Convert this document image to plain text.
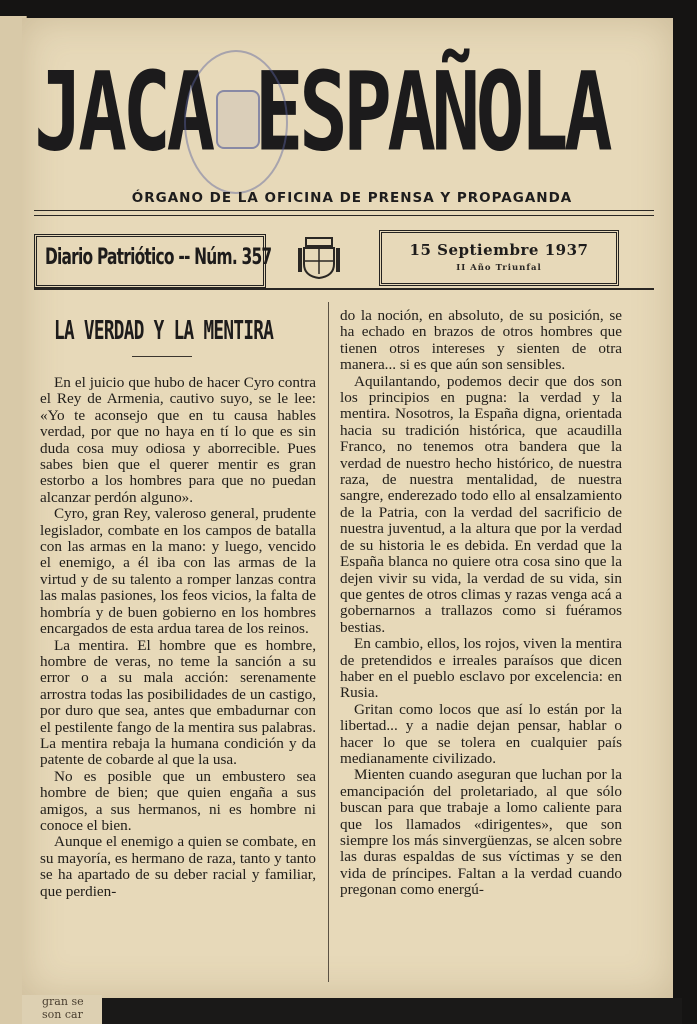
JACA ESPAÑOLA
ÓRGANO DE LA OFICINA DE PRENSA Y PROPAGANDA
Diario Patriótico -- Núm. 357	15 Septiembre 1937
II Año Triunfal
LA VERDAD Y LA MENTIRA

En el juicio que hubo de hacer Cyro contra el Rey de Armenia, cautivo suyo, se le lee: «Yo te aconsejo que en tu causa hables verdad, por que no haya en tí lo que es sin duda cosa muy odiosa y aborrecible. Pues sabes bien que el querer mentir es gran estorbo a los hombres para que no puedan alcanzar perdón alguno».

Cyro, gran Rey, valeroso general, prudente legislador, combate en los campos de batalla con las armas en la mano: y luego, vencido el enemigo, a él iba con las armas de la virtud y de su talento a romper lanzas contra las malas pasiones, los feos vicios, la falta de hombría y de buen gobierno en los hombres encargados de esta ardua tarea de los reinos.

La mentira. El hombre que es hombre, hombre de veras, no teme la sanción a su error o a su mala acción: serenamente arrostra todas las posibilidades de un castigo, por duro que sea, antes que embadurnar con el pestilente fango de la mentira sus palabras. La mentira rebaja la humana condición y da patente de cobarde al que la usa.

No es posible que un embustero sea hombre de bien; que quien engaña a sus amigos, a sus hermanos, ni es hombre ni conoce el bien.

Aunque el enemigo a quien se combate, en su mayoría, es hermano de raza, tanto y tanto se ha apartado de su deber racial y familiar, que perdien-

do la noción, en absoluto, de su posición, se ha echado en brazos de otros hombres que tienen otros intereses y sienten de otra manera... si es que aún son sensibles.

Aquilantando, podemos decir que dos son los principios en pugna: la verdad y la mentira. Nosotros, la España digna, orientada hacia su tradición histórica, que acaudilla Franco, no tenemos otra bandera que la verdad de nuestro hecho histórico, de nuestra raza, de nuestra mentalidad, de nuestra sangre, enderezado todo ello al ensalzamiento de la Patria, con la verdad del sacrificio de nuestra juventud, a la altura que por la verdad de su historia le es debida. En verdad que la España blanca no quiere otra cosa sino que la dejen vivir su vida, la verdad de su vida, sin que gentes de otros climas y razas venga acá a gobernarnos a trallazos como si fuéramos bestias.

En cambio, ellos, los rojos, viven la mentira de pretendidos e irreales paraísos que dicen haber en el pueblo esclavo por excelencia: en Rusia.

Gritan como locos que así lo están por la libertad... y a nadie dejan pensar, hablar o hacer lo que se tolera en cualquier país medianamente civilizado.

Mienten cuando aseguran que luchan por la emancipación del proletariado, al que sólo buscan para que trabaje a lomo caliente para que los llamados «dirigentes», que son siempre los más sinvergüenzas, se alcen sobre las duras espaldas de sus víctimas y se den vida de príncipes. Faltan a la verdad cuando pregonan como energú-

gran se
son car
